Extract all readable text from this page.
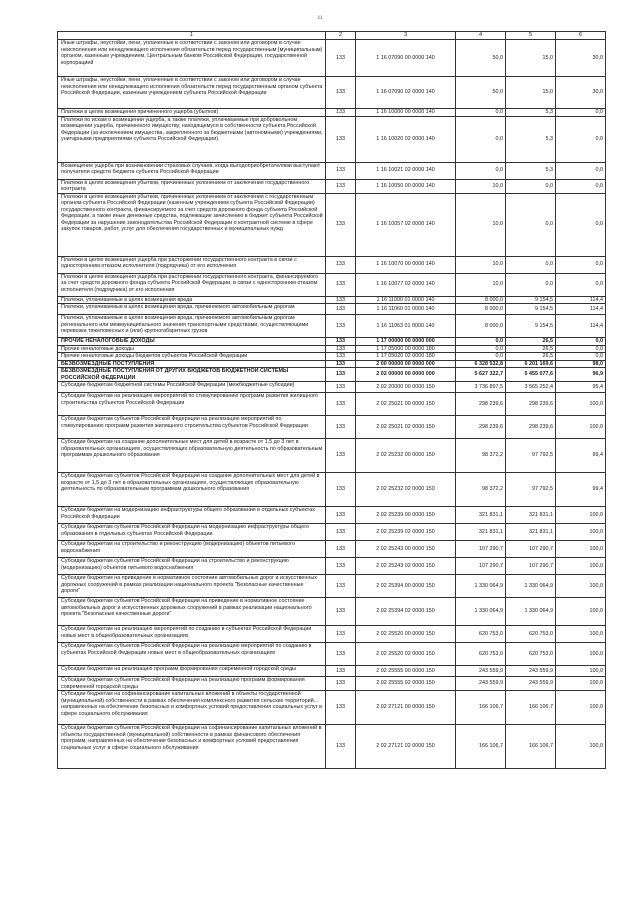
11
1	2	3	4	5	6
Иные штрафы, неустойки, пени, уплаченные в соответствии с законом или договором в случае неисполнения или ненадлежащего исполнения обязательств перед государственным (муниципальным) органом, казенным учреждением, Центральным банком Российской Федерации, государственной корпорацией	133	1 16 07090 00 0000 140	50,0	15,0	30,0
Иные штрафы, неустойки, пени, уплаченные в соответствии с законом или договором в случае неисполнения или ненадлежащего исполнения обязательств перед государственным органом субъекта Российской Федерации, казенным учреждением субъекта Российской Федерации	133	1 16 07090 02 0000 140	50,0	15,0	30,0
Платежи в целях возмещения причиненного ущерба (убытков)	133	1 16 10000 00 0000 140	0,0	5,3	0,0
Платежи по искам о возмещении ущерба, а также платежи, уплачиваемые при добровольном возмещении ущерба, причиненного имуществу, находящемуся в собственности субъекта Российской Федерации (за исключением имущества, закрепленного за бюджетными (автономными) учреждениями, унитарными предприятиями субъекта Российской Федерации)	133	1 16 10020 02 0000 140	0,0	5,3	0,0
Возмещение ущерба при возникновении страховых случаев, когда выгодоприобретателями выступают получатели средств бюджета субъекта Российской Федерации	133	1 16 10021 02 0000 140	0,0	5,3	0,0
Платежи в целях возмещения убытков, причиненных уклонением от заключения государственного контракта	133	1 16 10050 00 0000 140	10,0	0,0	0,0
Платежи в целях возмещения убытков, причиненных уклонением от заключения с государственным органом субъекта Российской Федерации (казенным учреждением субъекта Российской Федерации) государственного контракта, финансируемого за счет средств дорожного фонда субъекта Российской Федерации, а также иные денежные средства, подлежащие зачислению в бюджет субъекта Российской Федерации за нарушение законодательства Российской Федерации о контрактной системе в сфере закупок товаров, работ, услуг для обеспечения государственных и муниципальных нужд	133	1 16 10057 02 0000 140	10,0	0,0	0,0
Платежи в целях возмещения ущерба при расторжении государственного контракта в связи с односторонним отказом исполнителя (подрядчика) от его исполнения	133	1 16 10070 00 0000 140	10,0	0,0	0,0
Платежи в целях возмещения ущерба при расторжении государственного контракта, финансируемого за счет средств дорожного фонда субъекта Российской Федерации, в связи с односторонним отказом исполнителя (подрядчика) от его исполнения	133	1 16 10077 02 0000 140	10,0	0,0	0,0
Платежи, уплачиваемые в целях возмещения вреда	133	1 16 11000 01 0000 140	8 000,0	9 154,5	114,4
Платежи, уплачиваемые в целях возмещения вреда, причиняемого автомобильным дорогам	133	1 16 11060 01 0000 140	8 000,0	9 154,5	114,4
Платежи, уплачиваемые в целях возмещения вреда, причиняемого автомобильным дорогам регионального или межмуниципального значения транспортными средствами, осуществляющими перевозки тяжеловесных и (или) крупногабаритных грузов	133	1 16 11063 01 0000 140	8 000,0	9 154,5	114,4
ПРОЧИЕ НЕНАЛОГОВЫЕ ДОХОДЫ	133	1 17 00000 00 0000 000	0,0	26,5	0,0
Прочие неналоговые доходы	133	1 17 05000 00 0000 180	0,0	26,5	0,0
Прочие неналоговые доходы бюджетов субъектов Российской Федерации	133	1 17 05020 02 0000 180	0,0	26,5	0,0
БЕЗВОЗМЕЗДНЫЕ ПОСТУПЛЕНИЯ	133	2 00 00000 00 0000 000	6 328 532,8	6 201 169,6	98,0
БЕЗВОЗМЕЗДНЫЕ ПОСТУПЛЕНИЯ ОТ ДРУГИХ БЮДЖЕТОВ БЮДЖЕТНОЙ СИСТЕМЫ РОССИЙСКОЙ ФЕДЕРАЦИИ	133	2 02 00000 00 0000 000	5 627 322,7	5 455 077,6	96,9
Субсидии бюджетам бюджетной системы Российской Федерации (межбюджетные субсидии)	133	2 02 20000 00 0000 150	3 736 897,5	3 565 252,4	95,4
Субсидии бюджетам на реализацию мероприятий по стимулированию программ развития жилищного строительства субъектов Российской Федерации	133	2 02 25021 00 0000 150	298 239,6	298 239,6	100,0
Субсидии бюджетам субъектов Российской Федерации на реализацию мероприятий по стимулированию программ развития жилищного строительства субъектов Российской Федерации	133	2 02 25021 02 0000 150	298 239,6	298 239,6	100,0
Субсидии бюджетам на создание дополнительных мест для детей в возрасте от 1,5 до 3 лет в образовательных организациях, осуществляющих образовательную деятельность по образовательным программам дошкольного образования	133	2 02 25232 00 0000 150	98 372,2	97 792,5	99,4
Субсидии бюджетам субъектов Российской Федерации на создание дополнительных мест для детей в возрасте от 1,5 до 3 лет в образовательных организациях, осуществляющих образовательную деятельность по образовательным программам дошкольного образования	133	2 02 25232 02 0000 150	98 372,2	97 792,5	99,4
Субсидии бюджетам на модернизацию инфраструктуры общего образования в отдельных субъектах Российской Федерации	133	2 02 25239 00 0000 150	321 831,1	321 831,1	100,0
Субсидии бюджетам субъектов Российской Федерации на модернизацию инфраструктуры общего образования в отдельных субъектах Российской Федерации	133	2 02 25239 02 0000 150	321 831,1	321 831,1	100,0
Субсидии бюджетам на строительство и реконструкцию (модернизацию) объектов питьевого водоснабжения	133	2 02 25243 00 0000 150	107 290,7	107 290,7	100,0
Субсидии бюджетам субъектов Российской Федерации на строительство и реконструкцию (модернизацию) объектов питьевого водоснабжения	133	2 02 25243 02 0000 150	107 290,7	107 290,7	100,0
Субсидии бюджетам на приведение в нормативное состояние автомобильных дорог и искусственных дорожных сооружений в рамках реализации национального проекта "Безопасные качественные дороги"	133	2 02 25394 00 0000 150	1 330 064,9	1 330 064,9	100,0
Субсидии бюджетам субъектов Российской Федерации на приведение в нормативное состояние автомобильных дорог и искусственных дорожных сооружений в рамках реализации национального проекта "Безопасные качественные дороги"	133	2 02 25394 02 0000 150	1 330 064,9	1 330 064,9	100,0
Субсидии бюджетам на реализацию мероприятий по созданию в субъектах Российской Федерации новых мест в общеобразовательных организациях	133	2 02 25520 00 0000 150	620 753,0	620 753,0	100,0
Субсидии бюджетам субъектов Российской Федерации на реализацию мероприятий по созданию в субъектах Российской Федерации новых мест в общеобразовательных организациях	133	2 02 25520 02 0000 150	620 753,0	620 753,0	100,0
Субсидии бюджетам на реализацию программ формирования современной городской среды	133	2 02 25555 00 0000 150	243 559,9	243 559,9	100,0
Субсидии бюджетам субъектов Российской Федерации на реализацию программ формирования современной городской среды	133	2 02 25555 02 0000 150	243 559,9	243 559,9	100,0
Субсидии бюджетам на софинансирование капитальных вложений в объекты государственной (муниципальной) собственности в рамках обеспечения комплексного развития сельских территорий... направленных на обеспечение безопасных и комфортных условий предоставления социальных услуг в сфере социального обслуживания	133	2 02 27121 00 0000 150	166 106,7	166 106,7	100,0
Субсидии бюджетам субъектов Российской Федерации на софинансирование капитальных вложений в объекты государственной (муниципальной) собственности в рамках финансового обеспечения программ, направленных на обеспечение безопасных и комфортных условий предоставления социальных услуг в сфере социального обслуживания	133	2 02 27121 02 0000 150	166 106,7	166 106,7	100,0
